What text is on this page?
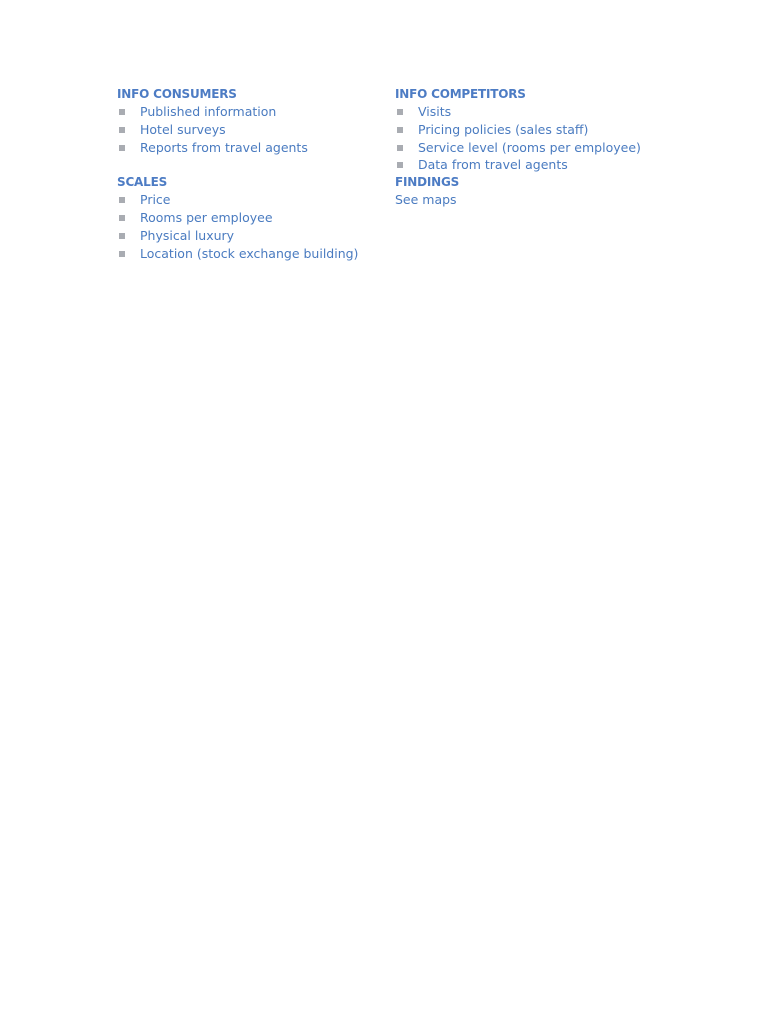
INFO CONSUMERS
Published information
Hotel surveys
Reports from travel agents
SCALES
Price
Rooms per employee
Physical luxury
Location (stock exchange building)
INFO COMPETITORS
Visits
Pricing policies (sales staff)
Service level (rooms per employee)
Data from travel agents
FINDINGS
See maps
